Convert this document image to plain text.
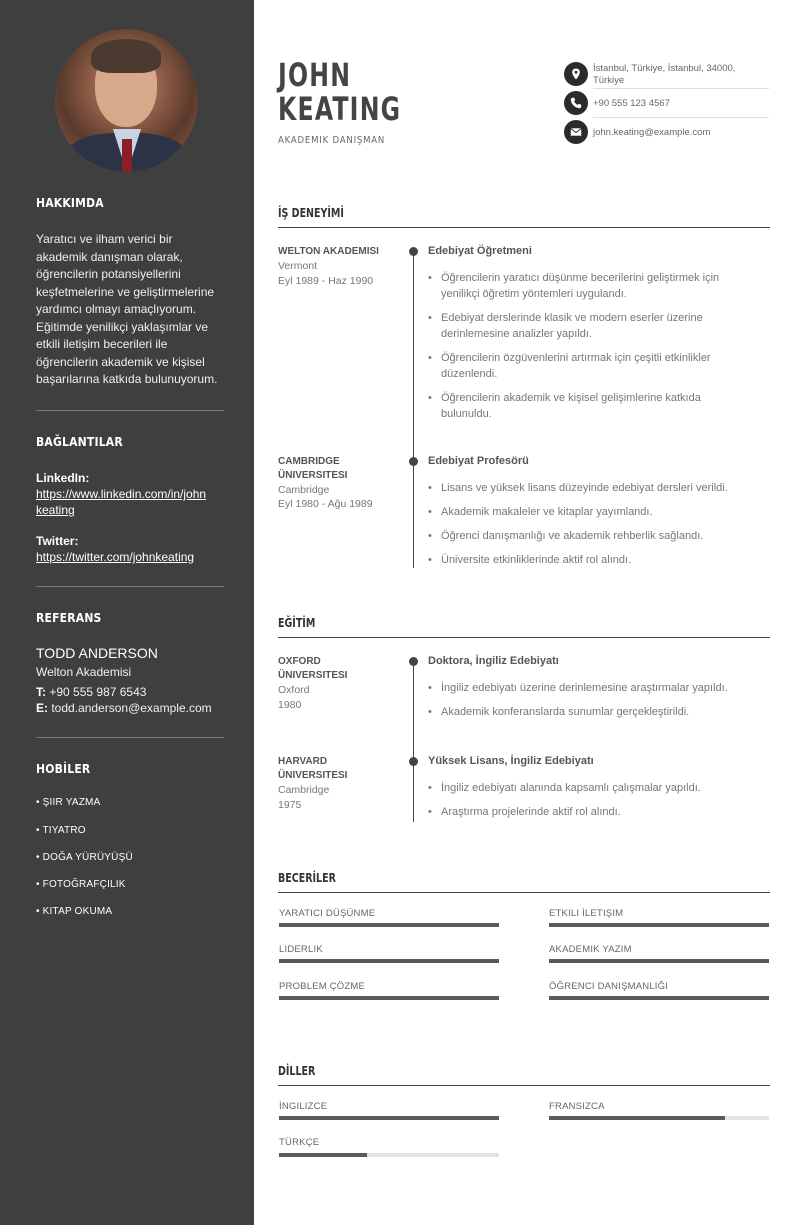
HAKKIMDA
Yaratıcı ve ilham verici bir
akademik danışman olarak,
öğrencilerin potansiyellerini
keşfetmelerine ve geliştirmelerine
yardımcı olmayı amaçlıyorum.
Eğitimde yenilikçi yaklaşımlar ve
etkili iletişim becerileri ile
öğrencilerin akademik ve kişisel
başarılarına katkıda bulunuyorum.
BAĞLANTILAR
LinkedIn:
https://www.linkedin.com/in/john
keating
Twitter:
https://twitter.com/johnkeating
REFERANS
TODD ANDERSON
Welton Akademisi
T: +90 555 987 6543
E: todd.anderson@example.com
HOBİLER
• ŞIIR YAZMA
• TIYATRO
• DOĞA YÜRÜYÜŞÜ
• FOTOĞRAFÇILIK
• KITAP OKUMA
JOHN
KEATING
AKADEMIK DANIŞMAN
İstanbul, Türkiye, İstanbul, 34000,
Türkiye
+90 555 123 4567
john.keating@example.com
İŞ DENEYİMİ
WELTON AKADEMISI
Vermont
Eyl 1989 - Haz 1990
Edebiyat Öğretmeni
• Öğrencilerin yaratıcı düşünme becerilerini geliştirmek için
yenilikçi öğretim yöntemleri uygulandı.
• Edebiyat derslerinde klasik ve modern eserler üzerine
derinlemesine analizler yapıldı.
• Öğrencilerin özgüvenlerini artırmak için çeşitli etkinlikler
düzenlendi.
• Öğrencilerin akademik ve kişisel gelişimlerine katkıda
bulunuldu.
CAMBRIDGE
ÜNIVERSITESI
Cambridge
Eyl 1980 - Ağu 1989
Edebiyat Profesörü
• Lisans ve yüksek lisans düzeyinde edebiyat dersleri verildi.
• Akademik makaleler ve kitaplar yayımlandı.
• Öğrenci danışmanlığı ve akademik rehberlik sağlandı.
• Üniversite etkinliklerinde aktif rol alındı.
EĞİTİM
OXFORD
ÜNIVERSITESI
Oxford
1980
Doktora, İngiliz Edebiyatı
• İngiliz edebiyatı üzerine derinlemesine araştırmalar yapıldı.
• Akademik konferanslarda sunumlar gerçekleştirildi.
HARVARD
ÜNIVERSITESI
Cambridge
1975
Yüksek Lisans, İngiliz Edebiyatı
• İngiliz edebiyatı alanında kapsamlı çalışmalar yapıldı.
• Araştırma projelerinde aktif rol alındı.
BECERİLER
YARATICI DÜŞÜNME	ETKILI İLETIŞIM
LIDERLIK	AKADEMIK YAZIM
PROBLEM ÇÖZME	ÖĞRENCI DANIŞMANLIĞI
DİLLER
İNGILIZCE	FRANSIZCA
TÜRKÇE
